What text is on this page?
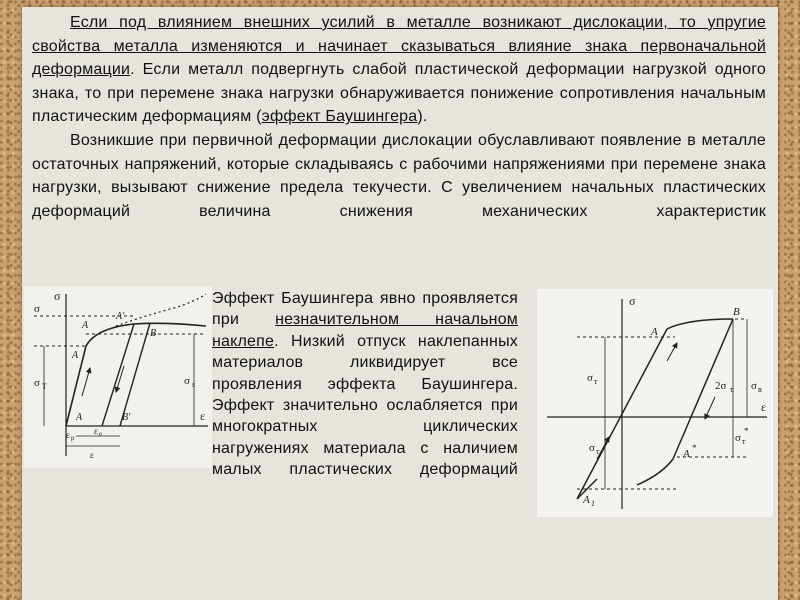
Если под влиянием внешних усилий в металле возникают дислокации, то упругие свойства металла изменяются и начинает сказываться влияние знака первоначальной деформации. Если металл подвергнуть слабой пластической деформации нагрузкой одного знака, то при перемене знака нагрузки обнаруживается понижение сопротивления начальным пластическим деформациям (эффект Баушингера).

Возникшие при первичной деформации дислокации обуславливают появление в металле остаточных напряжений, которые складываясь с рабочими напряжениями при перемене знака нагрузки, вызывают снижение предела текучести. С увеличением начальных пластических деформаций величина снижения механических характеристик

σ
σ
σ T	σ s
A'
A
A
B
B'
A	ε
ε p
ε e
ε
Эффект Баушингера явно проявляется при незначительном начальном наклепе. Низкий отпуск наклепанных материалов ликвидирует все проявления эффекта Баушингера. Эффект значительно ослабляется при многократных циклических нагружениях материала с наличием малых пластических деформаций
σ
A
B
σ т	2σ т σ в
ε
σ т
σ т
*
A *
A 1
